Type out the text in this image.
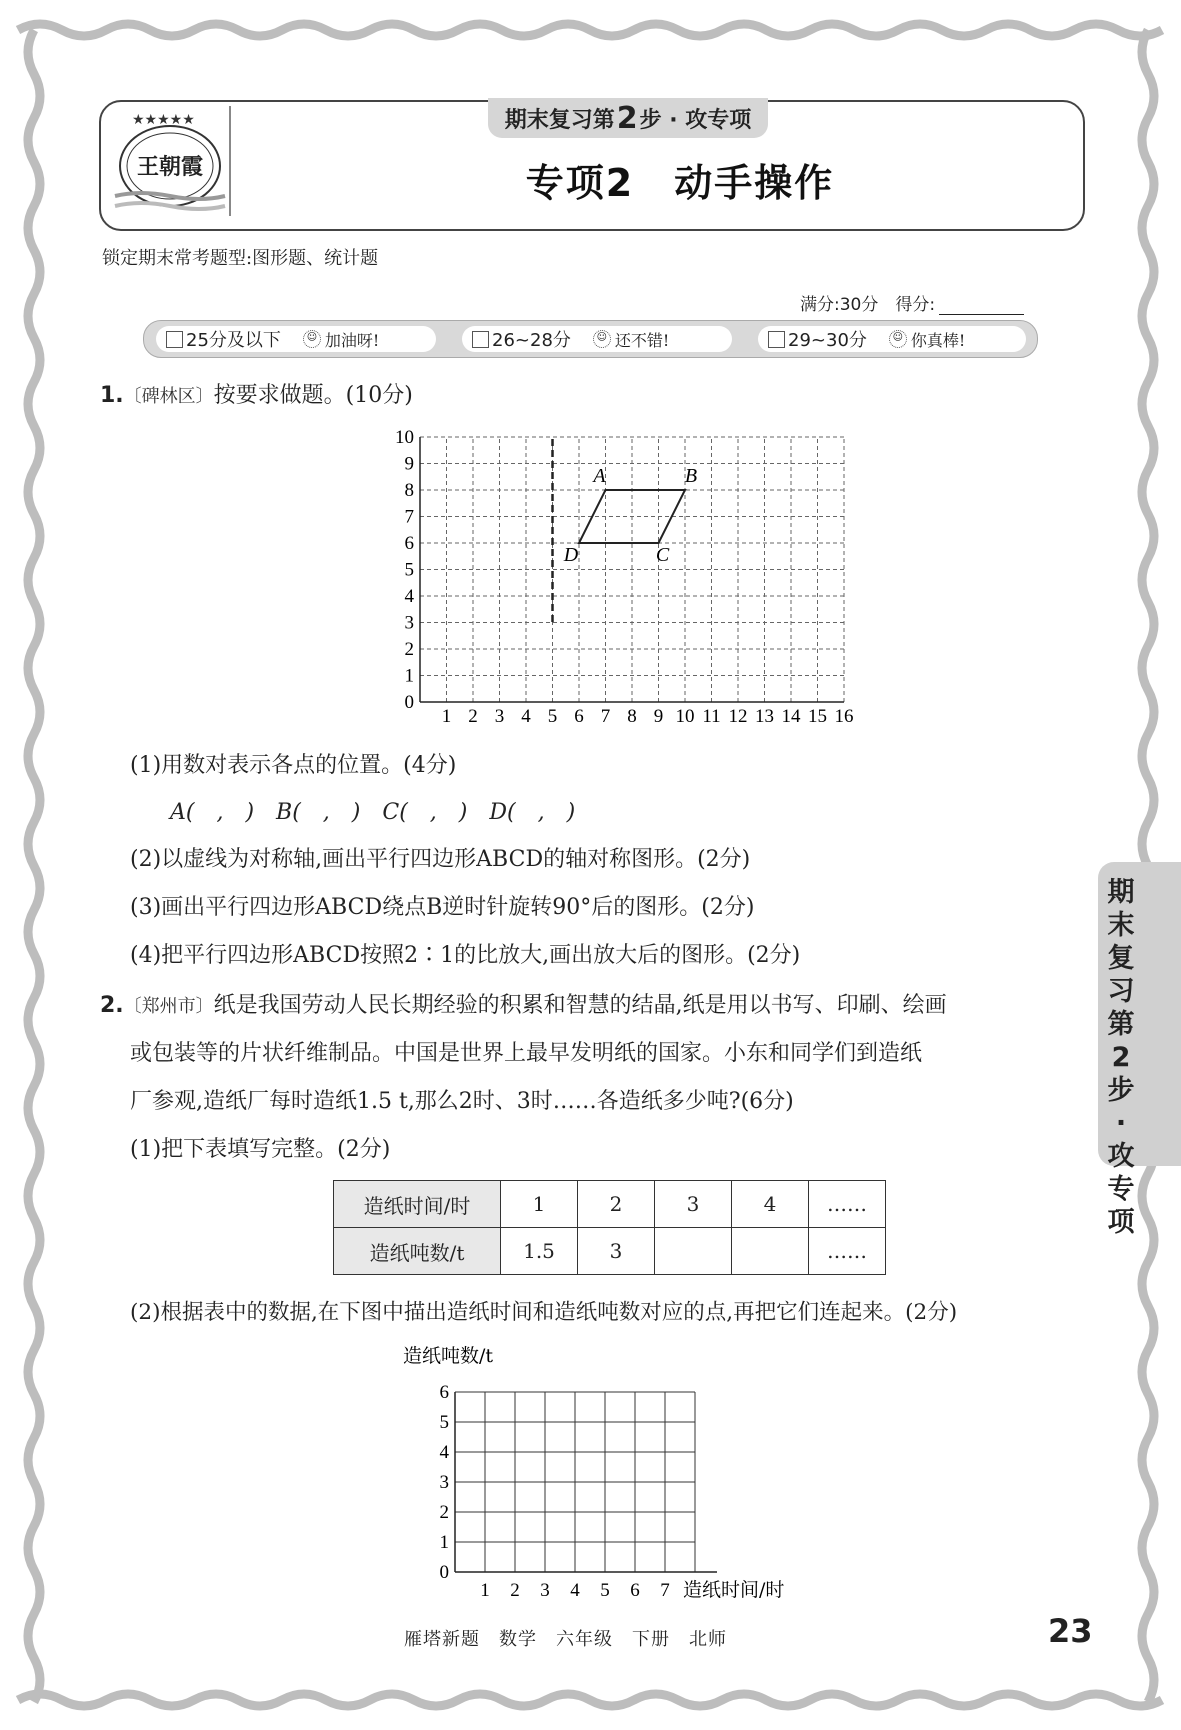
★★★★★
王朝霞
期末复习第 2 步 · 攻专项
专项2　动手操作
锁定期末常考题型:图形题、统计题
满分:30分　得分:
25分及以下	☺ 加油呀!	26~28分	☺ 还不错!	29~30分	☺ 你真棒!
1.〔碑林区〕按要求做题。(10分)
1 2 3 4 5 6 7 8 9 10 11 12 13 14 15 16
0
1
2
3
4
5
6
7
8
9
10
A	B
C
D
(1)用数对表示各点的位置。(4分)
A(　,　)　B(　,　)　C(　,　)　D(　,　)
(2)以虚线为对称轴,画出平行四边形ABCD的轴对称图形。(2分)
(3)画出平行四边形ABCD绕点B逆时针旋转90°后的图形。(2分)
(4)把平行四边形ABCD按照2∶1的比放大,画出放大后的图形。(2分)
2.〔郑州市〕纸是我国劳动人民长期经验的积累和智慧的结晶,纸是用以书写、印刷、绘画
或包装等的片状纤维制品。中国是世界上最早发明纸的国家。小东和同学们到造纸
厂参观,造纸厂每时造纸1.5 t,那么2时、3时……各造纸多少吨?(6分)
(1)把下表填写完整。(2分)
造纸时间/时	1	2	3	4	……
造纸吨数/t	1.5	3			……
(2)根据表中的数据,在下图中描出造纸时间和造纸吨数对应的点,再把它们连起来。(2分)
1 2 3 4 5 6 7
0
1
2
3
4
5
6
造纸吨数/t
造纸时间/时
期末复习第2步·攻专项
雁塔新题　数学　六年级　下册　北师	23
